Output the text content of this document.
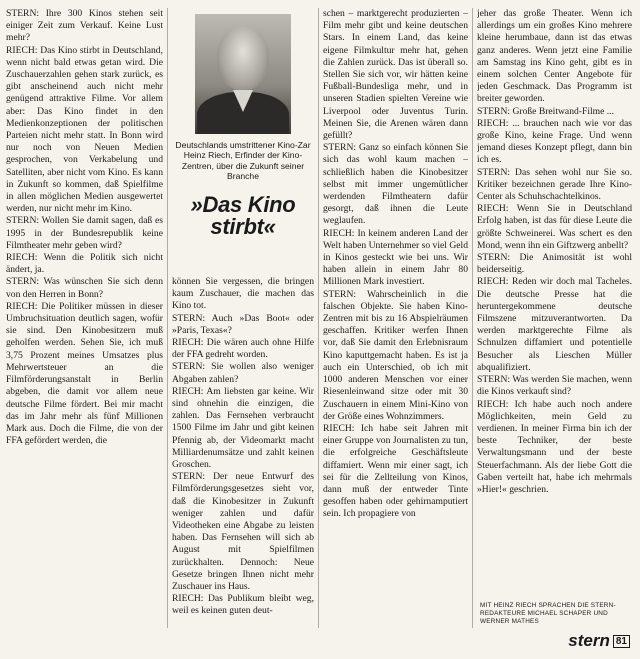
STERN: Ihre 300 Kinos stehen seit einiger Zeit zum Verkauf. Keine Lust mehr?

RIECH: Das Kino stirbt in Deutschland, wenn nicht bald etwas getan wird. Die Zuschauerzahlen gehen stark zurück, es gibt anscheinend auch nicht mehr genügend attraktive Filme. Vor allem aber: Das Kino findet in den Medienkonzeptionen der politischen Parteien nicht mehr statt. In Bonn wird nur noch von Neuen Medien gesprochen, von Verkabelung und Satelliten, aber nicht vom Kino. Es kann in Zukunft so kommen, daß Spielfilme in allen möglichen Medien ausgewertet werden, nur nicht mehr im Kino.

STERN: Wollen Sie damit sagen, daß es 1995 in der Bundesrepublik keine Filmtheater mehr geben wird?

RIECH: Wenn die Politik sich nicht ändert, ja.

STERN: Was wünschen Sie sich denn von den Herren in Bonn?

RIECH: Die Politiker müssen in dieser Umbruchsituation deutlich sagen, wofür sie sind. Den Kinobesitzern muß geholfen werden. Sehen Sie, ich muß 3,75 Prozent meines Umsatzes plus Mehrwertsteuer an die Filmförderungsanstalt in Berlin abgeben, die damit vor allem neue deutsche Filme fördert. Bei mir macht das im Jahr mehr als fünf Millionen Mark aus. Doch die Filme, die von der FFA gefördert werden, die

Deutschlands umstrittener Kino-Zar Heinz Riech, Erfinder der Kino-Zentren, über die Zukunft seiner Branche
»Das Kino stirbt«

können Sie vergessen, die bringen kaum Zuschauer, die machen das Kino tot.

STERN: Auch »Das Boot« oder »Paris, Texas«?

RIECH: Die wären auch ohne Hilfe der FFA gedreht worden.

STERN: Sie wollen also weniger Abgaben zahlen?

RIECH: Am liebsten gar keine. Wir sind ohnehin die einzigen, die zahlen. Das Fernsehen verbraucht 1500 Filme im Jahr und gibt keinen Pfennig ab, der Videomarkt macht Milliardenumsätze und zahlt keinen Groschen.

STERN: Der neue Entwurf des Filmförderungsgesetzes sieht vor, daß die Kinobesitzer in Zukunft weniger zahlen und dafür Videotheken eine Abgabe zu leisten haben. Das Fernsehen will sich ab August mit Spielfilmen zurückhalten. Dennoch: Neue Gesetze bringen Ihnen nicht mehr Zuschauer ins Haus.

RIECH: Das Publikum bleibt weg, weil es keinen guten deut-

schen – marktgerecht produzierten – Film mehr gibt und keine deutschen Stars. In einem Land, das keine eigene Filmkultur mehr hat, gehen die Zahlen zurück. Das ist überall so. Stellen Sie sich vor, wir hätten keine Fußball-Bundesliga mehr, und in unseren Stadien spielten Vereine wie Liverpool oder Juventus Turin. Meinen Sie, die Arenen wären dann gefüllt?

STERN: Ganz so einfach können Sie sich das wohl kaum machen – schließlich haben die Kinobesitzer selbst mit immer ungemütlicher werdenden Filmtheatern dafür gesorgt, daß ihnen die Leute weglaufen.

RIECH: In keinem anderen Land der Welt haben Unternehmer so viel Geld in Kinos gesteckt wie bei uns. Wir haben allein in einem Jahr 80 Millionen Mark investiert.

STERN: Wahrscheinlich in die falschen Objekte. Sie haben Kino-Zentren mit bis zu 16 Abspielräumen geschaffen. Kritiker werfen Ihnen vor, daß Sie damit den Erlebnisraum Kino kaputtgemacht haben. Es ist ja auch ein Unterschied, ob ich mit 1000 anderen Menschen vor einer Riesenleinwand sitze oder mit 30 Zuschauern in einem Mini-Kino von der Größe eines Wohnzimmers.

RIECH: Ich habe seit Jahren mit einer Gruppe von Journalisten zu tun, die erfolgreiche Geschäftsleute diffamiert. Wenn mir einer sagt, ich sei für die Zellteilung von Kinos, dann muß der entweder Tinte gesoffen haben oder gehirnamputiert sein. Ich propagiere von

jeher das große Theater. Wenn ich allerdings um ein großes Kino mehrere kleine herumbaue, dann ist das etwas ganz anderes. Wenn jetzt eine Familie am Samstag ins Kino geht, gibt es in einem solchen Center Angebote für jeden Geschmack. Das Programm ist breiter geworden.

STERN: Große Breitwand-Filme ...

RIECH: ... brauchen nach wie vor das große Kino, keine Frage. Und wenn jemand dieses Konzept pflegt, dann bin ich es.

STERN: Das sehen wohl nur Sie so. Kritiker bezeichnen gerade Ihre Kino-Center als Schuhschachtelkinos.

RIECH: Wenn Sie in Deutschland Erfolg haben, ist das für diese Leute die größte Schweinerei. Was schert es den Mond, wenn ihn ein Giftzwerg anbellt?

STERN: Die Animosität ist wohl beiderseitig.

RIECH: Reden wir doch mal Tacheles. Die deutsche Presse hat die heruntergekommene deutsche Filmszene mitzuverantworten. Da werden marktgerechte Filme als Schnulzen diffamiert und potentielle Besucher als Lieschen Müller abqualifiziert.

STERN: Was werden Sie machen, wenn die Kinos verkauft sind?

RIECH: Ich habe auch noch andere Möglichkeiten, mein Geld zu verdienen. In meiner Firma bin ich der beste Techniker, der beste Verwaltungsmann und der beste Steuerfachmann. Als der liebe Gott die Gaben verteilt hat, habe ich mehrmals »Hier!« geschrien.

MIT HEINZ RIECH SPRACHEN DIE STERN-REDAKTEURE MICHAEL SCHAPER UND WERNER MATHES
stern 81
